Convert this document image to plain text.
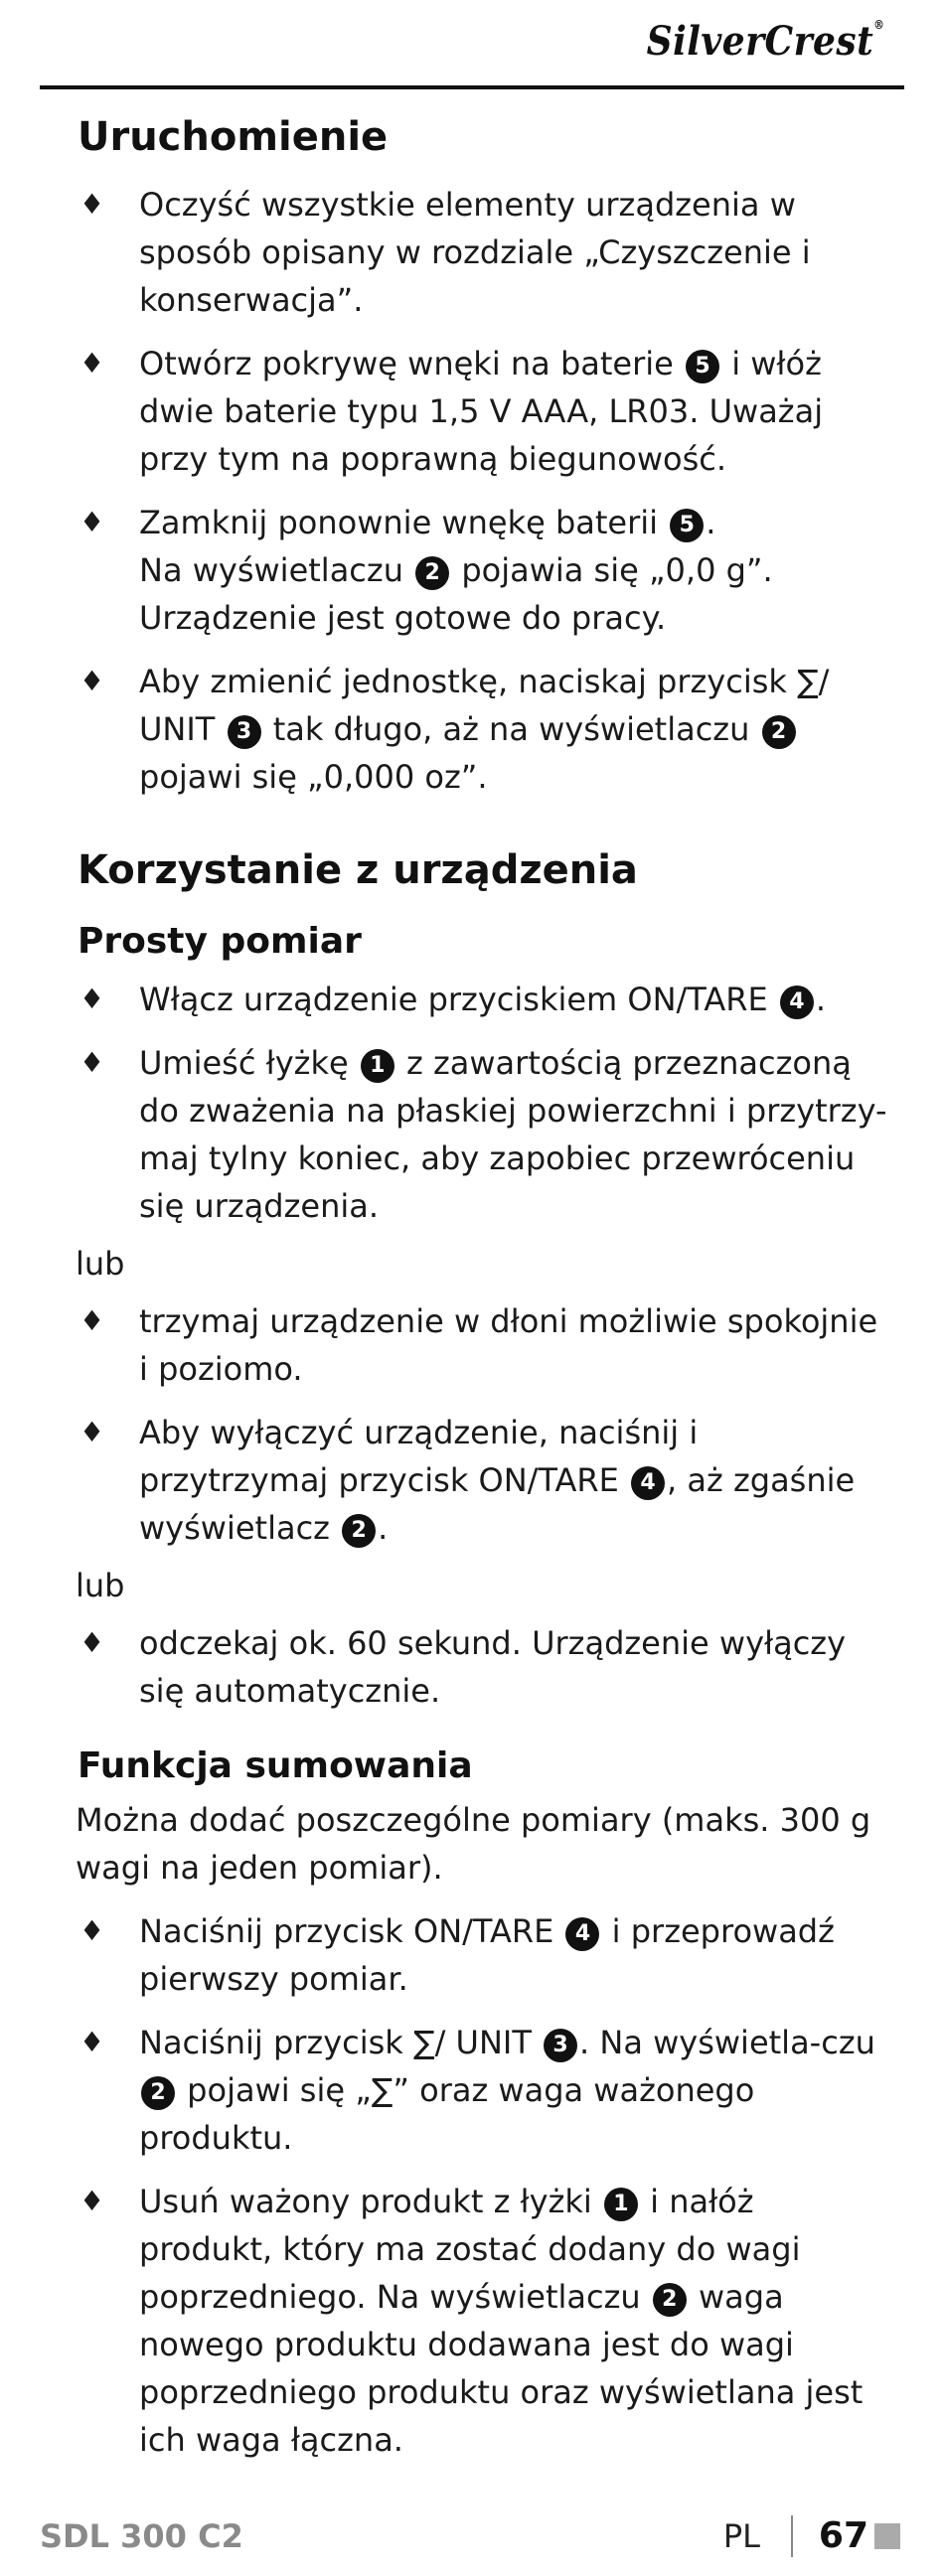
SilverCrest®
Uruchomienie
♦ Oczyść wszystkie elementy urządzenia w sposób opisany w rozdziale „Czyszczenie i konserwacja”.
♦ Otwórz pokrywę wnęki na baterie 5 i włóż dwie baterie typu 1,5 V AAA, LR03. Uważaj przy tym na poprawną biegunowość.
♦ Zamknij ponownie wnękę baterii 5 .
Na wyświetlaczu 2 pojawia się „0,0 g”. Urządzenie jest gotowe do pracy.
♦ Aby zmienić jednostkę, naciskaj przycisk ∑/ UNIT 3 tak długo, aż na wyświetlaczu 2 pojawi się „0,000 oz”.
Korzystanie z urządzenia
Prosty pomiar
♦ Włącz urządzenie przyciskiem ON/TARE 4 .
♦ Umieść łyżkę 1 z zawartością przeznaczoną do zważenia na płaskiej powierzchni i przytrzy-maj tylny koniec, aby zapobiec przewróceniu się urządzenia.
lub
♦ trzymaj urządzenie w dłoni możliwie spokojnie i poziomo.
♦ Aby wyłączyć urządzenie, naciśnij i przytrzymaj przycisk ON/TARE 4 , aż zgaśnie wyświetlacz 2 .
lub
♦ odczekaj ok. 60 sekund. Urządzenie wyłączy się automatycznie.
Funkcja sumowania
Można dodać poszczególne pomiary (maks. 300 g wagi na jeden pomiar).
♦ Naciśnij przycisk ON/TARE 4 i przeprowadź pierwszy pomiar.
♦ Naciśnij przycisk ∑/ UNIT 3 . Na wyświetla-czu 2 pojawi się „∑” oraz waga ważonego produktu.
♦ Usuń ważony produkt z łyżki 1 i nałóż produkt, który ma zostać dodany do wagi poprzedniego. Na wyświetlaczu 2 waga nowego produktu dodawana jest do wagi poprzedniego produktu oraz wyświetlana jest ich waga łączna.
SDL 300 C2	PL 67
